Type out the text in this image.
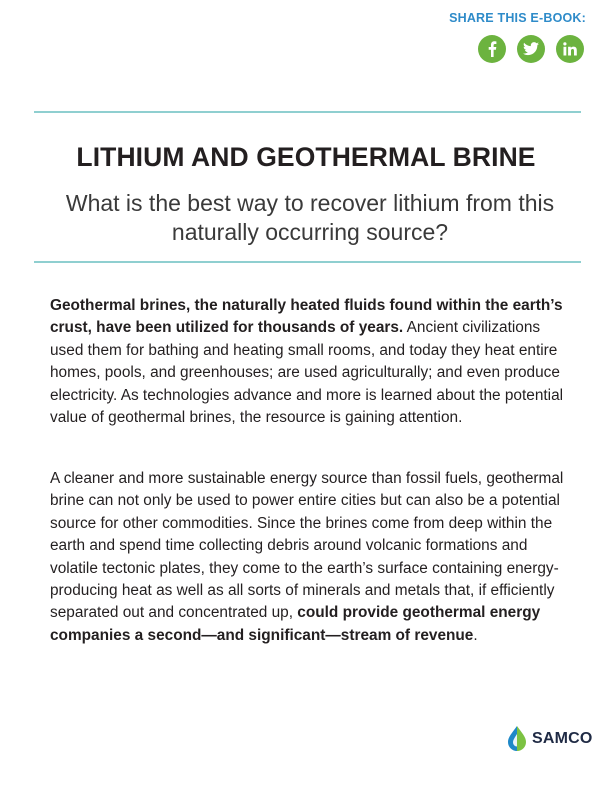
SHARE THIS E-BOOK:
LITHIUM AND GEOTHERMAL BRINE

What is the best way to recover lithium from this naturally occurring source?

Geothermal brines, the naturally heated fluids found within the earth’s crust, have been utilized for thousands of years. Ancient civilizations used them for bathing and heating small rooms, and today they heat entire homes, pools, and greenhouses; are used agriculturally; and even produce electricity. As technologies advance and more is learned about the potential value of geothermal brines, the resource is gaining attention.

A cleaner and more sustainable energy source than fossil fuels, geothermal brine can not only be used to power entire cities but can also be a potential source for other commodities. Since the brines come from deep within the earth and spend time collecting debris around volcanic formations and volatile tectonic plates, they come to the earth’s surface containing energy-producing heat as well as all sorts of minerals and metals that, if efficiently separated out and concentrated up, could provide geothermal energy companies a second—and significant—stream of revenue.

SAMCO
